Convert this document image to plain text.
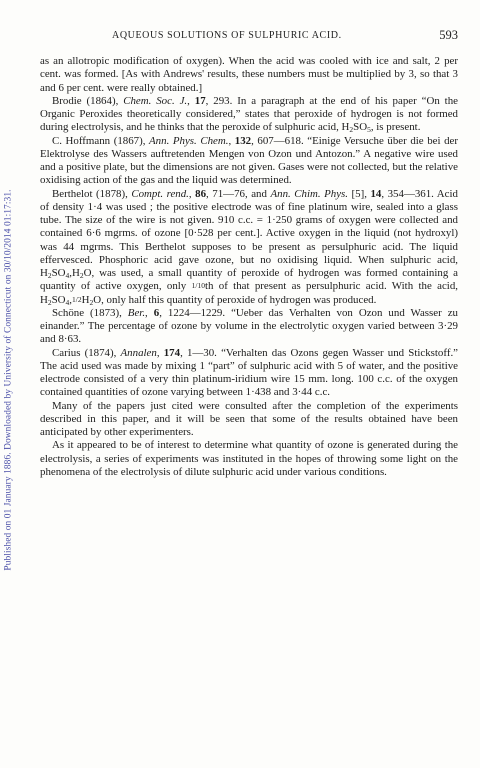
Published on 01 January 1886. Downloaded by University of Connecticut on 30/10/2014 01:17:31.
AQUEOUS SOLUTIONS OF SULPHURIC ACID.	593

as an allotropic modification of oxygen). When the acid was cooled with ice and salt, 2 per cent. was formed. [As with Andrews' results, these numbers must be multiplied by 3, so that 3 and 6 per cent. were really obtained.]

Brodie (1864), Chem. Soc. J., 17, 293. In a paragraph at the end of his paper “On the Organic Peroxides theoretically considered,” states that peroxide of hydrogen is not formed during electrolysis, and he thinks that the peroxide of sulphuric acid, $H_2SO_5$, is present.

C. Hoffmann (1867), Ann. Phys. Chem., 132, 607—618. “Einige Versuche über die bei der Elektrolyse des Wassers auftretenden Mengen von Ozon und Antozon.” A negative wire used and a positive plate, but the dimensions are not given. Gases were not collected, but the relative oxidising action of the gas and the liquid was determined.

Berthelot (1878), Compt. rend., 86, 71—76, and Ann. Chim. Phys. [5], 14, 354—361. Acid of density 1·4 was used ; the positive electrode was of fine platinum wire, sealed into a glass tube. The size of the wire is not given. 910 c.c. = 1·250 grams of oxygen were collected and contained 6·6 mgrms. of ozone [0·528 per cent.]. Active oxygen in the liquid (not hydroxyl) was 44 mgrms. This Berthelot supposes to be present as persulphuric acid. The liquid effervesced. Phosphoric acid gave ozone, but no oxidising liquid. When sulphuric acid, $H_2SO_4,H_2O$, was used, a small quantity of peroxide of hydrogen was formed containing a quantity of active oxygen, only 1/10th of that present as persulphuric acid. With the acid, $H_2SO_4,1/2H_2O$, only half this quantity of peroxide of hydrogen was produced.

Schöne (1873), Ber., 6, 1224—1229. “Ueber das Verhalten von Ozon und Wasser zu einander.” The percentage of ozone by volume in the electrolytic oxygen varied between 3·29 and 8·63.

Carius (1874), Annalen, 174, 1—30. “Verhalten das Ozons gegen Wasser und Stickstoff.” The acid used was made by mixing 1 “part” of sulphuric acid with 5 of water, and the positive electrode consisted of a very thin platinum-iridium wire 15 mm. long. 100 c.c. of the oxygen contained quantities of ozone varying between 1·438 and 3·44 c.c.

Many of the papers just cited were consulted after the completion of the experiments described in this paper, and it will be seen that some of the results obtained have been anticipated by other experimenters.

As it appeared to be of interest to determine what quantity of ozone is generated during the electrolysis, a series of experiments was instituted in the hopes of throwing some light on the phenomena of the electrolysis of dilute sulphuric acid under various conditions.
